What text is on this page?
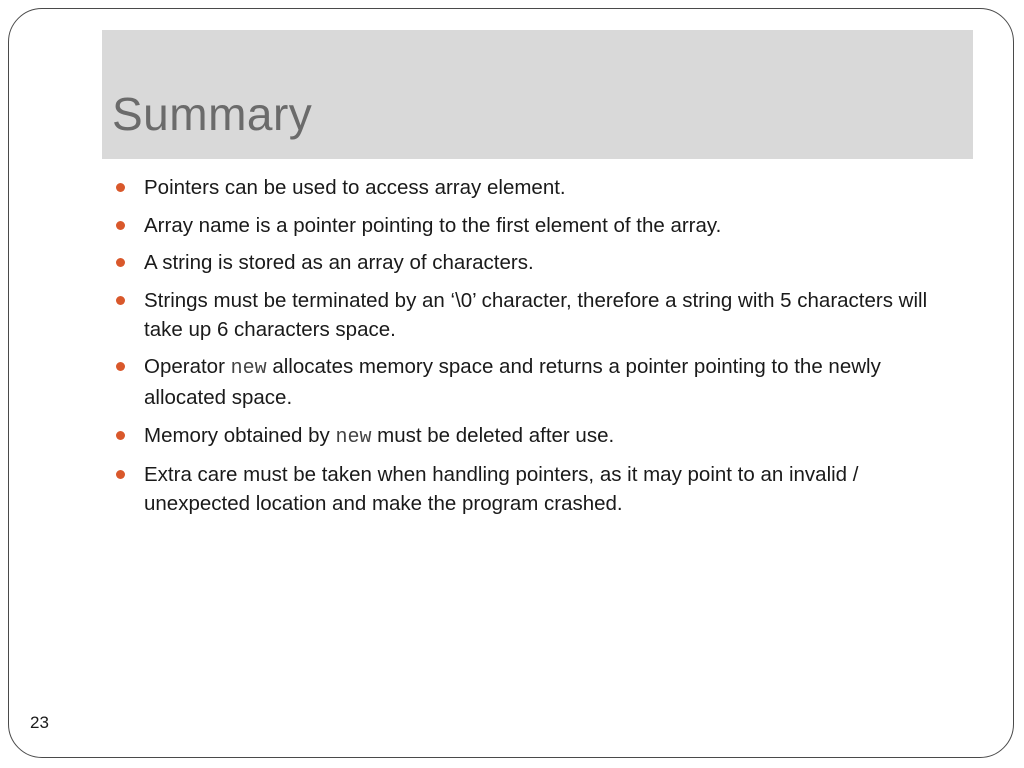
Summary
Pointers can be used to access array element.
Array name is a pointer pointing to the first element of the array.
A string is stored as an array of characters.
Strings must be terminated by an ‘\0’ character, therefore a string with 5 characters will take up 6 characters space.
Operator new allocates memory space and returns a pointer pointing to the newly allocated space.
Memory obtained by new must be deleted after use.
Extra care must be taken when handling pointers, as it may point to an invalid / unexpected location and make the program crashed.
23
